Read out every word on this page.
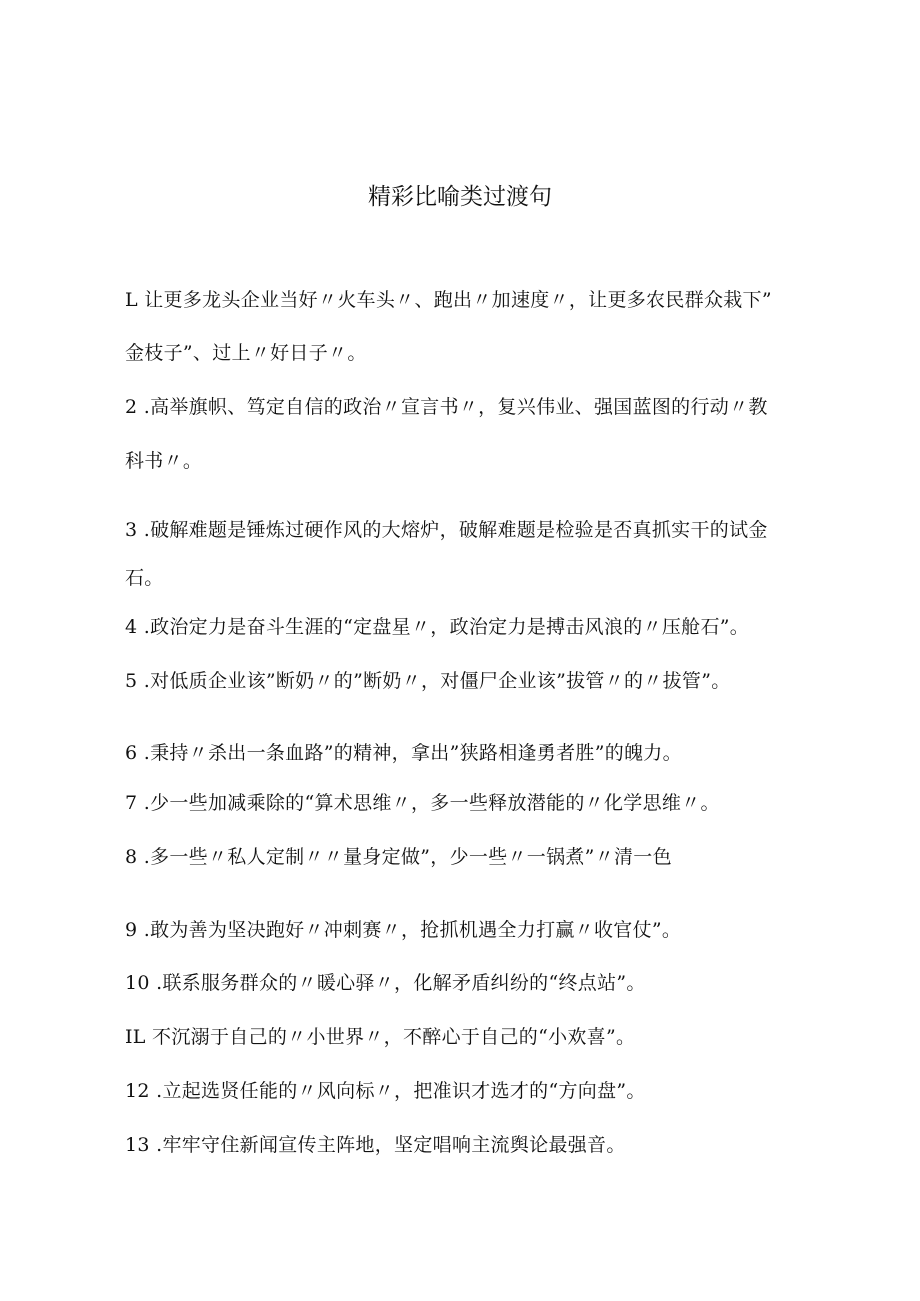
精彩比喻类过渡句
L 让更多龙头企业当好〃火车头〃、跑出〃加速度〃，让更多农民群众栽下”
金枝子”、过上〃好日子〃。
2 .高举旗帜、笃定自信的政治〃宣言书〃，复兴伟业、强国蓝图的行动〃教
科书〃。
3 .破解难题是锤炼过硬作风的大熔炉，破解难题是检验是否真抓实干的试金
石。
4 .政治定力是奋斗生涯的“定盘星〃，政治定力是搏击风浪的〃压舱石”。
5 .对低质企业该”断奶〃的”断奶〃，对僵尸企业该”拔管〃的〃拔管”。
6 .秉持〃杀出一条血路”的精神，拿出”狭路相逢勇者胜”的魄力。
7 .少一些加减乘除的“算术思维〃，多一些释放潜能的〃化学思维〃。
8 .多一些〃私人定制〃〃量身定做”，少一些〃一锅煮”〃清一色
9 .敢为善为坚决跑好〃冲刺赛〃，抢抓机遇全力打赢〃收官仗”。
10 .联系服务群众的〃暖心驿〃，化解矛盾纠纷的“终点站”。
IL 不沉溺于自己的〃小世界〃，不醉心于自己的“小欢喜”。
12 .立起选贤任能的〃风向标〃，把准识才选才的“方向盘”。
13 .牢牢守住新闻宣传主阵地，坚定唱响主流舆论最强音。
